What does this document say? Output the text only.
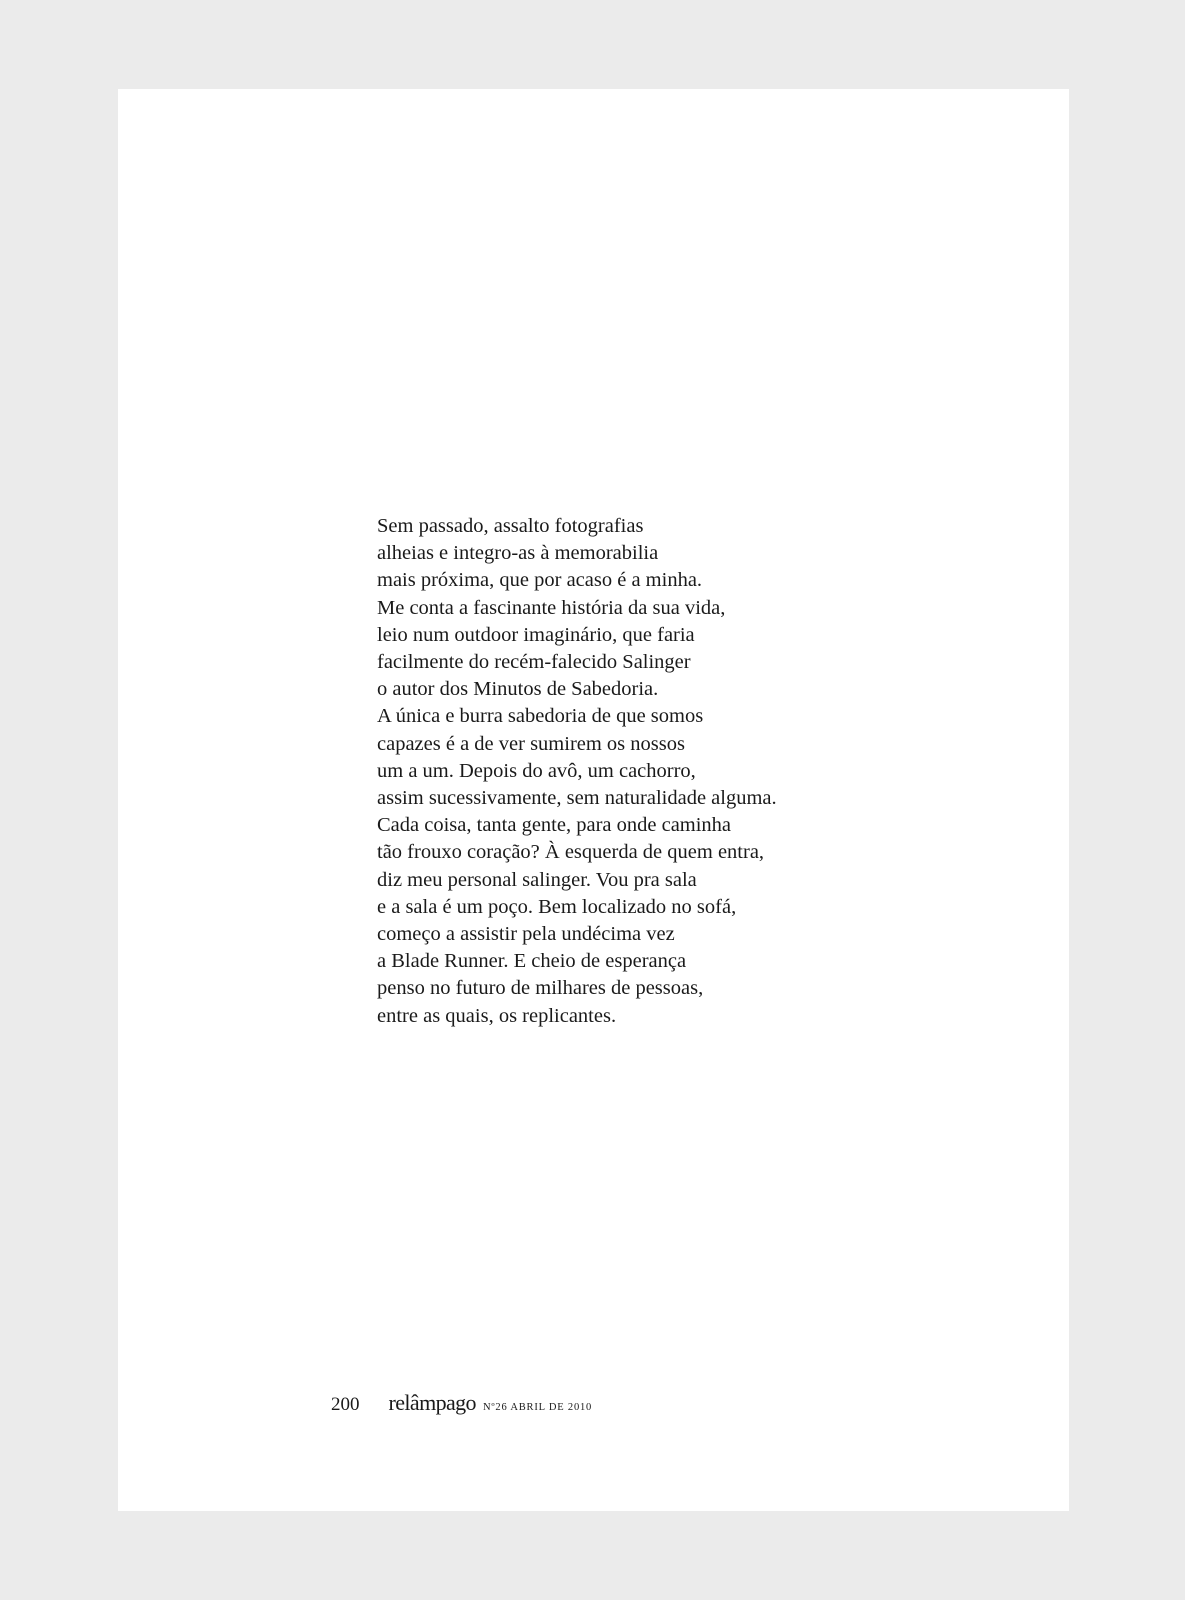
Sem passado, assalto fotografias
alheias e integro-as à memorabilia
mais próxima, que por acaso é a minha.
Me conta a fascinante história da sua vida,
leio num outdoor imaginário, que faria
facilmente do recém-falecido Salinger
o autor dos Minutos de Sabedoria.
A única e burra sabedoria de que somos
capazes é a de ver sumirem os nossos
um a um. Depois do avô, um cachorro,
assim sucessivamente, sem naturalidade alguma.
Cada coisa, tanta gente, para onde caminha
tão frouxo coração? À esquerda de quem entra,
diz meu personal salinger. Vou pra sala
e a sala é um poço. Bem localizado no sofá,
começo a assistir pela undécima vez
a Blade Runner. E cheio de esperança
penso no futuro de milhares de pessoas,
entre as quais, os replicantes.
200 relâmpago Nº26 ABRIL DE 2010
